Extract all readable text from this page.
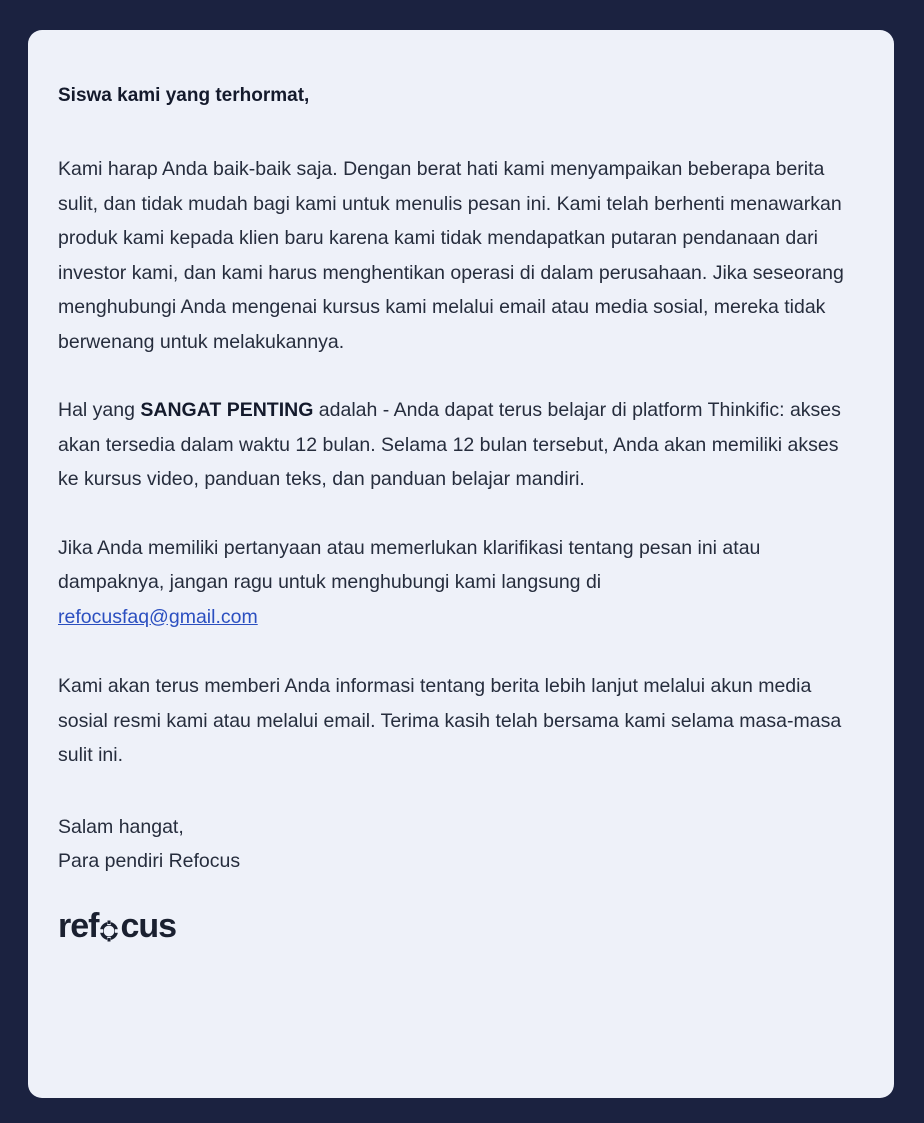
Siswa kami yang terhormat,

Kami harap Anda baik-baik saja. Dengan berat hati kami menyampaikan beberapa berita sulit, dan tidak mudah bagi kami untuk menulis pesan ini. Kami telah berhenti menawarkan produk kami kepada klien baru karena kami tidak mendapatkan putaran pendanaan dari investor kami, dan kami harus menghentikan operasi di dalam perusahaan. Jika seseorang menghubungi Anda mengenai kursus kami melalui email atau media sosial, mereka tidak berwenang untuk melakukannya.

Hal yang SANGAT PENTING adalah - Anda dapat terus belajar di platform Thinkific: akses akan tersedia dalam waktu 12 bulan. Selama 12 bulan tersebut, Anda akan memiliki akses ke kursus video, panduan teks, dan panduan belajar mandiri.

Jika Anda memiliki pertanyaan atau memerlukan klarifikasi tentang pesan ini atau dampaknya, jangan ragu untuk menghubungi kami langsung di
refocusfaq@gmail.com

Kami akan terus memberi Anda informasi tentang berita lebih lanjut melalui akun media sosial resmi kami atau melalui email. Terima kasih telah bersama kami selama masa-masa sulit ini.

Salam hangat,
Para pendiri Refocus

ref cus
